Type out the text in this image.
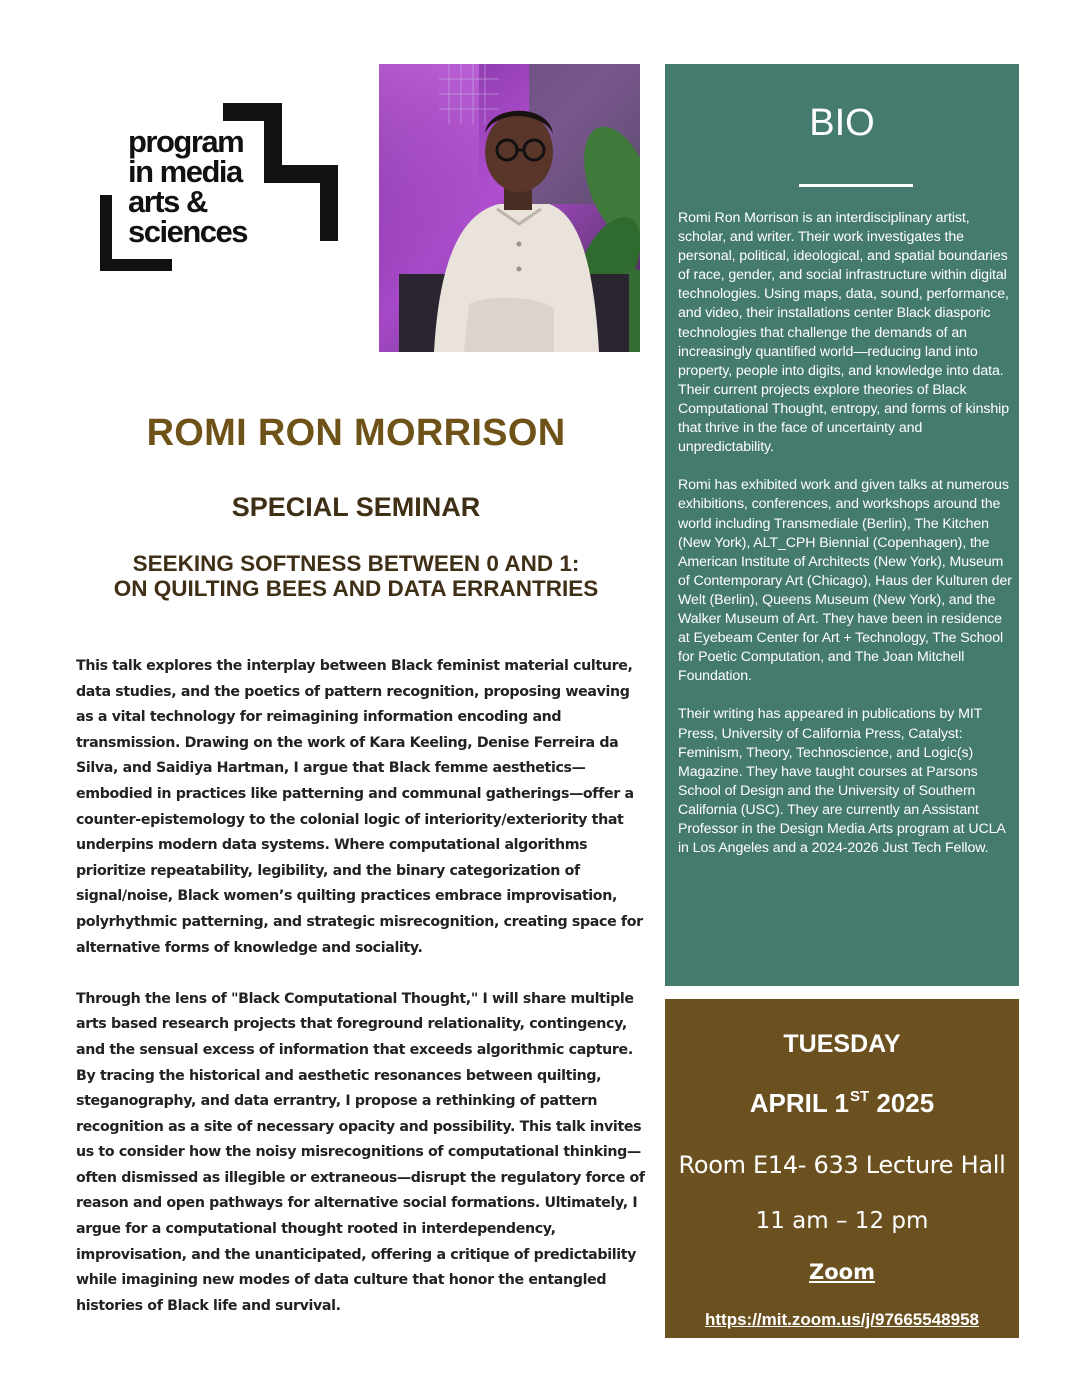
program
in media
arts &
sciences
ROMI RON MORRISON
SPECIAL SEMINAR
SEEKING SOFTNESS BETWEEN 0 AND 1:
ON QUILTING BEES AND DATA ERRANTRIES

This talk explores the interplay between Black feminist material culture, data studies, and the poetics of pattern recognition, proposing weaving as a vital technology for reimagining information encoding and transmission. Drawing on the work of Kara Keeling, Denise Ferreira da Silva, and Saidiya Hartman, I argue that Black femme aesthetics—embodied in practices like patterning and communal gatherings—offer a counter-epistemology to the colonial logic of interiority/exteriority that underpins modern data systems. Where computational algorithms prioritize repeatability, legibility, and the binary categorization of signal/noise, Black women’s quilting practices embrace improvisation, polyrhythmic patterning, and strategic misrecognition, creating space for alternative forms of knowledge and sociality.

Through the lens of "Black Computational Thought," I will share multiple arts based research projects that foreground relationality, contingency, and the sensual excess of information that exceeds algorithmic capture. By tracing the historical and aesthetic resonances between quilting, steganography, and data errantry, I propose a rethinking of pattern recognition as a site of necessary opacity and possibility. This talk invites us to consider how the noisy misrecognitions of computational thinking—often dismissed as illegible or extraneous—disrupt the regulatory force of reason and open pathways for alternative social formations. Ultimately, I argue for a computational thought rooted in interdependency, improvisation, and the unanticipated, offering a critique of predictability while imagining new modes of data culture that honor the entangled histories of Black life and survival.

BIO

Romi Ron Morrison is an interdisciplinary artist, scholar, and writer. Their work investigates the personal, political, ideological, and spatial boundaries of race, gender, and social infrastructure within digital technologies. Using maps, data, sound, performance, and video, their installations center Black diasporic technologies that challenge the demands of an increasingly quantified world—reducing land into property, people into digits, and knowledge into data. Their current projects explore theories of Black Computational Thought, entropy, and forms of kinship that thrive in the face of uncertainty and unpredictability.

Romi has exhibited work and given talks at numerous exhibitions, conferences, and workshops around the world including Transmediale (Berlin), The Kitchen (New York), ALT_CPH Biennial (Copenhagen), the American Institute of Architects (New York), Museum of Contemporary Art (Chicago), Haus der Kulturen der Welt (Berlin), Queens Museum (New York), and the Walker Museum of Art. They have been in residence at Eyebeam Center for Art + Technology, The School for Poetic Computation, and The Joan Mitchell Foundation.

Their writing has appeared in publications by MIT Press, University of California Press, Catalyst: Feminism, Theory, Technoscience, and Logic(s) Magazine. They have taught courses at Parsons School of Design and the University of Southern California (USC). They are currently an Assistant Professor in the Design Media Arts program at UCLA in Los Angeles and a 2024-2026 Just Tech Fellow.

TUESDAY
APRIL 1ST 2025
Room E14- 633 Lecture Hall
11 am – 12 pm
Zoom
https://mit.zoom.us/j/97665548958
